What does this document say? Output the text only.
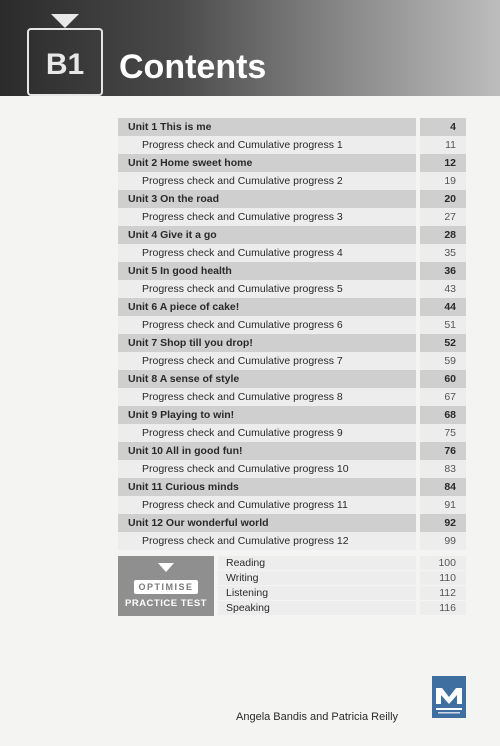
B1	Contents
Unit 1 This is me	4
Progress check and Cumulative progress 1	11
Unit 2 Home sweet home	12
Progress check and Cumulative progress 2	19
Unit 3 On the road	20
Progress check and Cumulative progress 3	27
Unit 4 Give it a go	28
Progress check and Cumulative progress 4	35
Unit 5 In good health	36
Progress check and Cumulative progress 5	43
Unit 6 A piece of cake!	44
Progress check and Cumulative progress 6	51
Unit 7 Shop till you drop!	52
Progress check and Cumulative progress 7	59
Unit 8 A sense of style	60
Progress check and Cumulative progress 8	67
Unit 9 Playing to win!	68
Progress check and Cumulative progress 9	75
Unit 10 All in good fun!	76
Progress check and Cumulative progress 10	83
Unit 11 Curious minds	84
Progress check and Cumulative progress 11	91
Unit 12 Our wonderful world	92
Progress check and Cumulative progress 12	99
OPTIMISE
PRACTICE TEST
Reading	100
Writing	110
Listening	112
Speaking	116
Angela Bandis and Patricia Reilly
